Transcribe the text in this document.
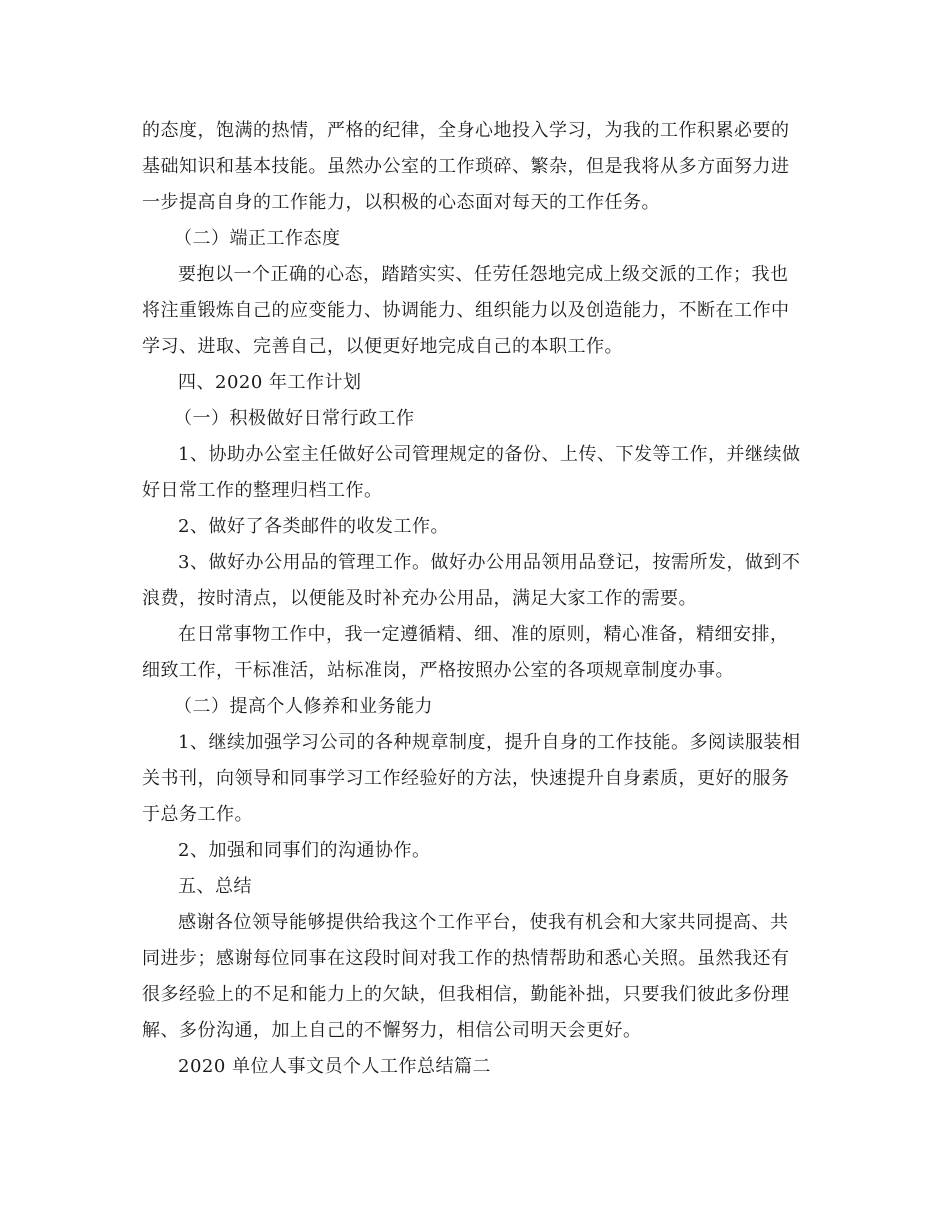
的态度，饱满的热情，严格的纪律，全身心地投入学习，为我的工作积累必要的
基础知识和基本技能。虽然办公室的工作琐碎、繁杂，但是我将从多方面努力进
一步提高自身的工作能力，以积极的心态面对每天的工作任务。
（二）端正工作态度
要抱以一个正确的心态，踏踏实实、任劳任怨地完成上级交派的工作；我也
将注重锻炼自己的应变能力、协调能力、组织能力以及创造能力，不断在工作中
学习、进取、完善自己，以便更好地完成自己的本职工作。
四、2020 年工作计划
（一）积极做好日常行政工作
1、协助办公室主任做好公司管理规定的备份、上传、下发等工作，并继续做
好日常工作的整理归档工作。
2、做好了各类邮件的收发工作。
3、做好办公用品的管理工作。做好办公用品领用品登记，按需所发，做到不
浪费，按时清点，以便能及时补充办公用品，满足大家工作的需要。
在日常事物工作中，我一定遵循精、细、准的原则，精心准备，精细安排，
细致工作，干标准活，站标准岗，严格按照办公室的各项规章制度办事。
（二）提高个人修养和业务能力
1、继续加强学习公司的各种规章制度，提升自身的工作技能。多阅读服装相
关书刊，向领导和同事学习工作经验好的方法，快速提升自身素质，更好的服务
于总务工作。
2、加强和同事们的沟通协作。
五、总结
感谢各位领导能够提供给我这个工作平台，使我有机会和大家共同提高、共
同进步；感谢每位同事在这段时间对我工作的热情帮助和悉心关照。虽然我还有
很多经验上的不足和能力上的欠缺，但我相信，勤能补拙，只要我们彼此多份理
解、多份沟通，加上自己的不懈努力，相信公司明天会更好。
2020 单位人事文员个人工作总结篇二
